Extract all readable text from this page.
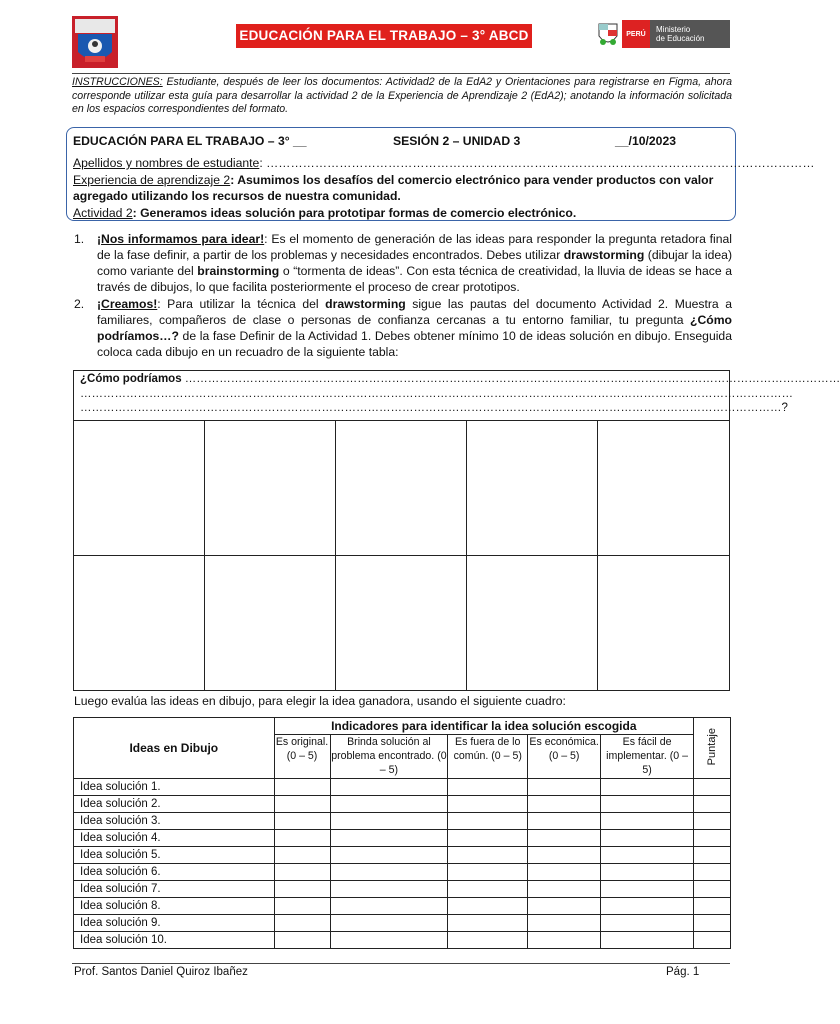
EDUCACIÓN PARA EL TRABAJO – 3° ABCD	PERÚ	Ministerio
de Educación
INSTRUCCIONES: Estudiante, después de leer los documentos: Actividad2 de la EdA2 y Orientaciones para registrarse en Figma, ahora corresponde utilizar esta guía para desarrollar la actividad 2 de la Experiencia de Aprendizaje 2 (EdA2); anotando la información solicitada en los espacios correspondientes del formato.
EDUCACIÓN PARA EL TRABAJO – 3° __	SESIÓN 2 – UNIDAD 3	__/10/2023
Apellidos y nombres de estudiante: ………………………………………………………………………………………………………………………
Experiencia de aprendizaje 2: Asumimos los desafíos del comercio electrónico para vender productos con valor agregado utilizando los recursos de nuestra comunidad.
Actividad 2: Generamos ideas solución para prototipar formas de comercio electrónico.
1. ¡Nos informamos para idear!: Es el momento de generación de las ideas para responder la pregunta retadora final de la fase definir, a partir de los problemas y necesidades encontrados. Debes utilizar drawstorming (dibujar la idea) como variante del brainstorming o “tormenta de ideas”. Con esta técnica de creatividad, la lluvia de ideas se hace a través de dibujos, lo que facilita posteriormente el proceso de crear prototipos.
2. ¡Creamos!: Para utilizar la técnica del drawstorming sigue las pautas del documento Actividad 2. Muestra a familiares, compañeros de clase o personas de confianza cercanas a tu entorno familiar, tu pregunta ¿Cómo podríamos…? de la fase Definir de la Actividad 1. Debes obtener mínimo 10 de ideas solución en dibujo. Enseguida coloca cada dibujo en un recuadro de la siguiente tabla:
¿Cómo podríamos ………………………………………………………………………………………………………………………………………………………
……………………………………………………………………………………………………………………………………………………………………
…………………………………………………………………………………………………………………………………………………………………?
Luego evalúa las ideas en dibujo, para elegir la idea ganadora, usando el siguiente cuadro:
Ideas en Dibujo	Indicadores para identificar la idea solución escogida					Puntaje
	Es original. (0 – 5)	Brinda solución al problema encontrado. (0 – 5)	Es fuera de lo común. (0 – 5)	Es económica. (0 – 5)	Es fácil de implementar. (0 – 5)	
Idea solución 1.						
Idea solución 2.						
Idea solución 3.						
Idea solución 4.						
Idea solución 5.						
Idea solución 6.						
Idea solución 7.						
Idea solución 8.						
Idea solución 9.						
Idea solución 10.						
Prof. Santos Daniel Quiroz Ibañez	Pág. 1
